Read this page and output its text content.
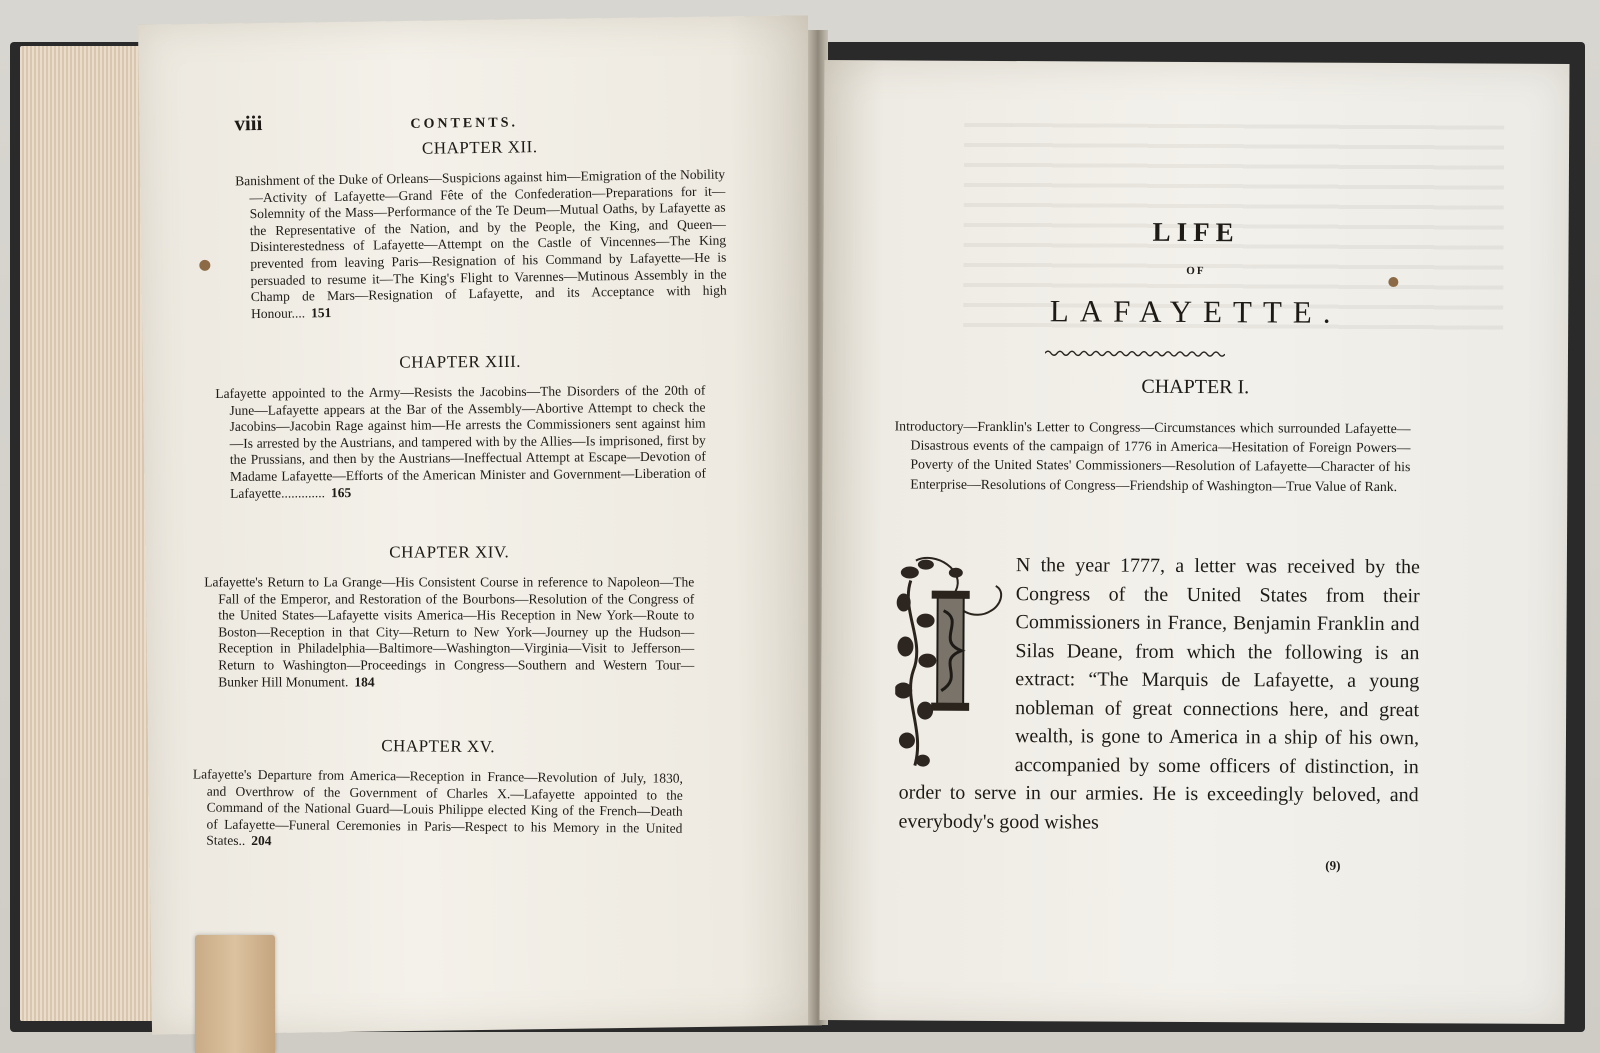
viii	CONTENTS.
CHAPTER XII.
Banishment of the Duke of Orleans—Suspicions against him—Emigration of the Nobility—Activity of Lafayette—Grand Fête of the Confederation—Preparations for it—Solemnity of the Mass—Performance of the Te Deum—Mutual Oaths, by Lafayette as the Representative of the Nation, and by the People, the King, and Queen—Disinterestedness of Lafayette—Attempt on the Castle of Vincennes—The King prevented from leaving Paris—Resignation of his Command by Lafayette—He is persuaded to resume it—The King's Flight to Varennes—Mutinous Assembly in the Champ de Mars—Resignation of Lafayette, and its Acceptance with high Honour.... 151
CHAPTER XIII.
Lafayette appointed to the Army—Resists the Jacobins—The Disorders of the 20th of June—Lafayette appears at the Bar of the Assembly—Abortive Attempt to check the Jacobins—Jacobin Rage against him—He arrests the Commissioners sent against him—Is arrested by the Austrians, and tampered with by the Allies—Is imprisoned, first by the Prussians, and then by the Austrians—Ineffectual Attempt at Escape—Devotion of Madame Lafayette—Efforts of the American Minister and Government—Liberation of Lafayette............. 165
CHAPTER XIV.
Lafayette's Return to La Grange—His Consistent Course in reference to Napoleon—The Fall of the Emperor, and Restoration of the Bourbons—Resolution of the Congress of the United States—Lafayette visits America—His Reception in New York—Route to Boston—Reception in that City—Return to New York—Journey up the Hudson—Reception in Philadelphia—Baltimore—Washington—Virginia—Visit to Jefferson—Return to Washington—Proceedings in Congress—Southern and Western Tour—Bunker Hill Monument. 184
CHAPTER XV.
Lafayette's Departure from America—Reception in France—Revolution of July, 1830, and Overthrow of the Government of Charles X.—Lafayette appointed to the Command of the National Guard—Louis Philippe elected King of the French—Death of Lafayette—Funeral Ceremonies in Paris—Respect to his Memory in the United States.. 204
LIFE
OF
LAFAYETTE.
CHAPTER I.
Introductory—Franklin's Letter to Congress—Circumstances which surrounded Lafayette—Disastrous events of the campaign of 1776 in America—Hesitation of Foreign Powers—Poverty of the United States' Commissioners—Resolution of Lafayette—Character of his Enterprise—Resolutions of Congress—Friendship of Washington—True Value of Rank.
N the year 1777, a letter was received by the Congress of the United States from their Commissioners in France, Benjamin Franklin and Silas Deane, from which the following is an extract: “The Marquis de Lafayette, a young nobleman of great connections here, and great wealth, is gone to America in a ship of his own, accompanied by some officers of distinction, in order to serve in our armies. He is exceedingly beloved, and everybody's good wishes
(9)
